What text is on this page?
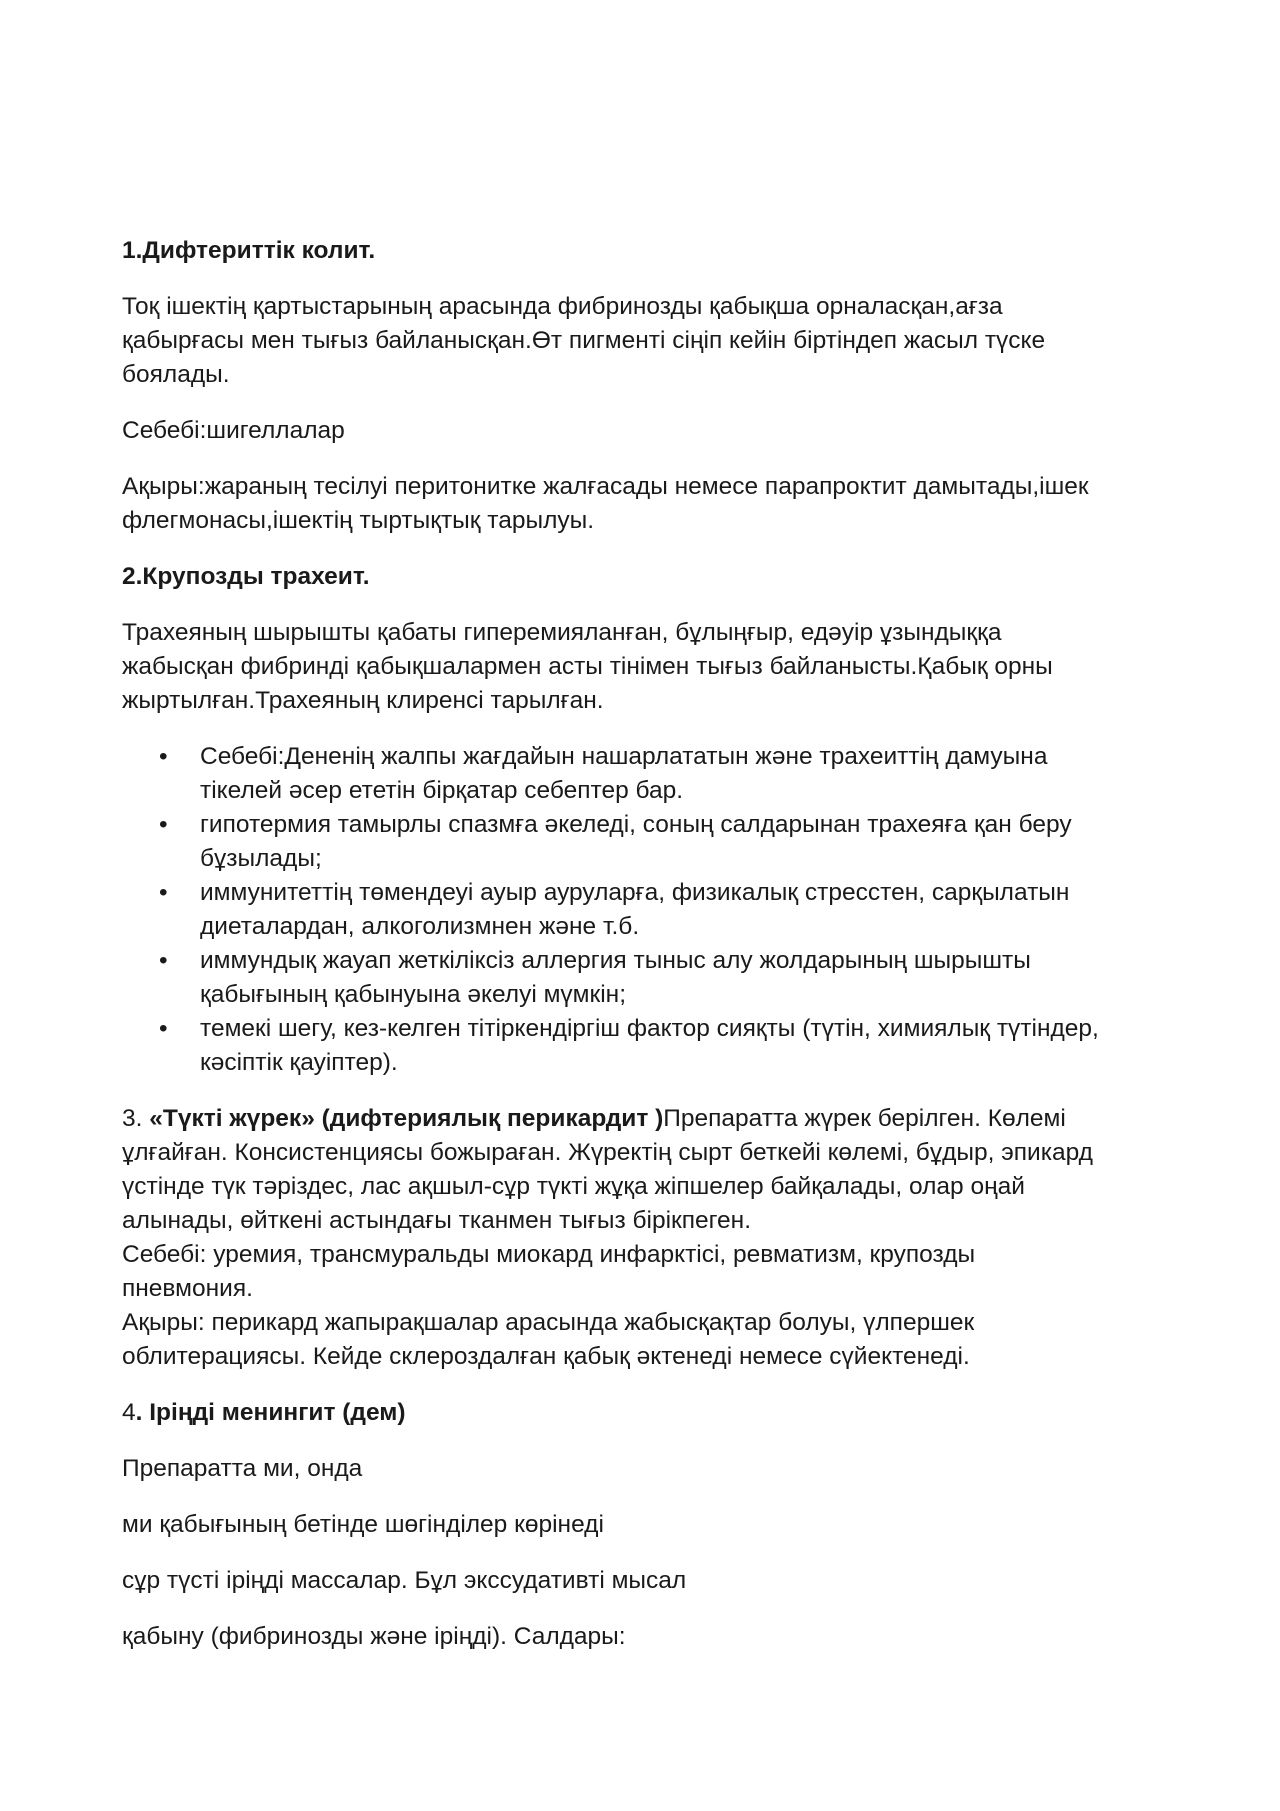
1.Дифтериттік колит.

Тоқ ішектің қартыстарының арасында фибринозды қабықша орналасқан,ағза
қабырғасы мен тығыз байланысқан.Өт пигменті сіңіп кейін біртіндеп жасыл түске
боялады.

Себебі:шигеллалар

Ақыры:жараның тесілуі перитонитке жалғасады немесе парапроктит дамытады,ішек
флегмонасы,ішектің тыртықтық тарылуы.

2.Крупозды трахеит.

Трахеяның шырышты қабаты гиперемияланған, бұлыңғыр, едәуір ұзындыққа
жабысқан фибринді қабықшалармен асты тінімен тығыз байланысты.Қабық орны
жыртылған.Трахеяның клиренсі тарылған.

• Себебі:Дененің жалпы жағдайын нашарлататын және трахеиттің дамуына
тікелей әсер ететін бірқатар себептер бар.
• гипотермия тамырлы спазмға әкеледі, соның салдарынан трахеяға қан беру
бұзылады;
• иммунитеттің төмендеуі ауыр ауруларға, физикалық стресстен, сарқылатын
диеталардан, алкоголизмнен және т.б.
• иммундық жауап жеткіліксіз аллергия тыныс алу жолдарының шырышты
қабығының қабынуына әкелуі мүмкін;
• темекі шегу, кез-келген тітіркендіргіш фактор сияқты (түтін, химиялық түтіндер,
кәсіптік қауіптер).

3. «Түкті жүрек» (дифтериялық перикардит )Препаратта жүрек берілген. Көлемі
ұлғайған. Консистенциясы божыраған. Жүректің сырт беткейі көлемі, бұдыр, эпикард
үстінде түк тәріздес, лас ақшыл-сұр түкті жұқа жіпшелер байқалады, олар оңай
алынады, өйткені астындағы тканмен тығыз бірікпеген.
Себебі: уремия, трансмуральды миокард инфарктісі, ревматизм, крупозды
пневмония.
Ақыры: перикард жапырақшалар арасында жабысқақтар болуы, үлпершек
облитерациясы. Кейде склероздалған қабық әктенеді немесе сүйектенеді.

4. Іріңді менингит (дем)

Препаратта ми, онда

ми қабығының бетінде шөгінділер көрінеді

сұр түсті іріңді массалар. Бұл экссудативті мысал

қабыну (фибринозды және іріңді). Салдары:
